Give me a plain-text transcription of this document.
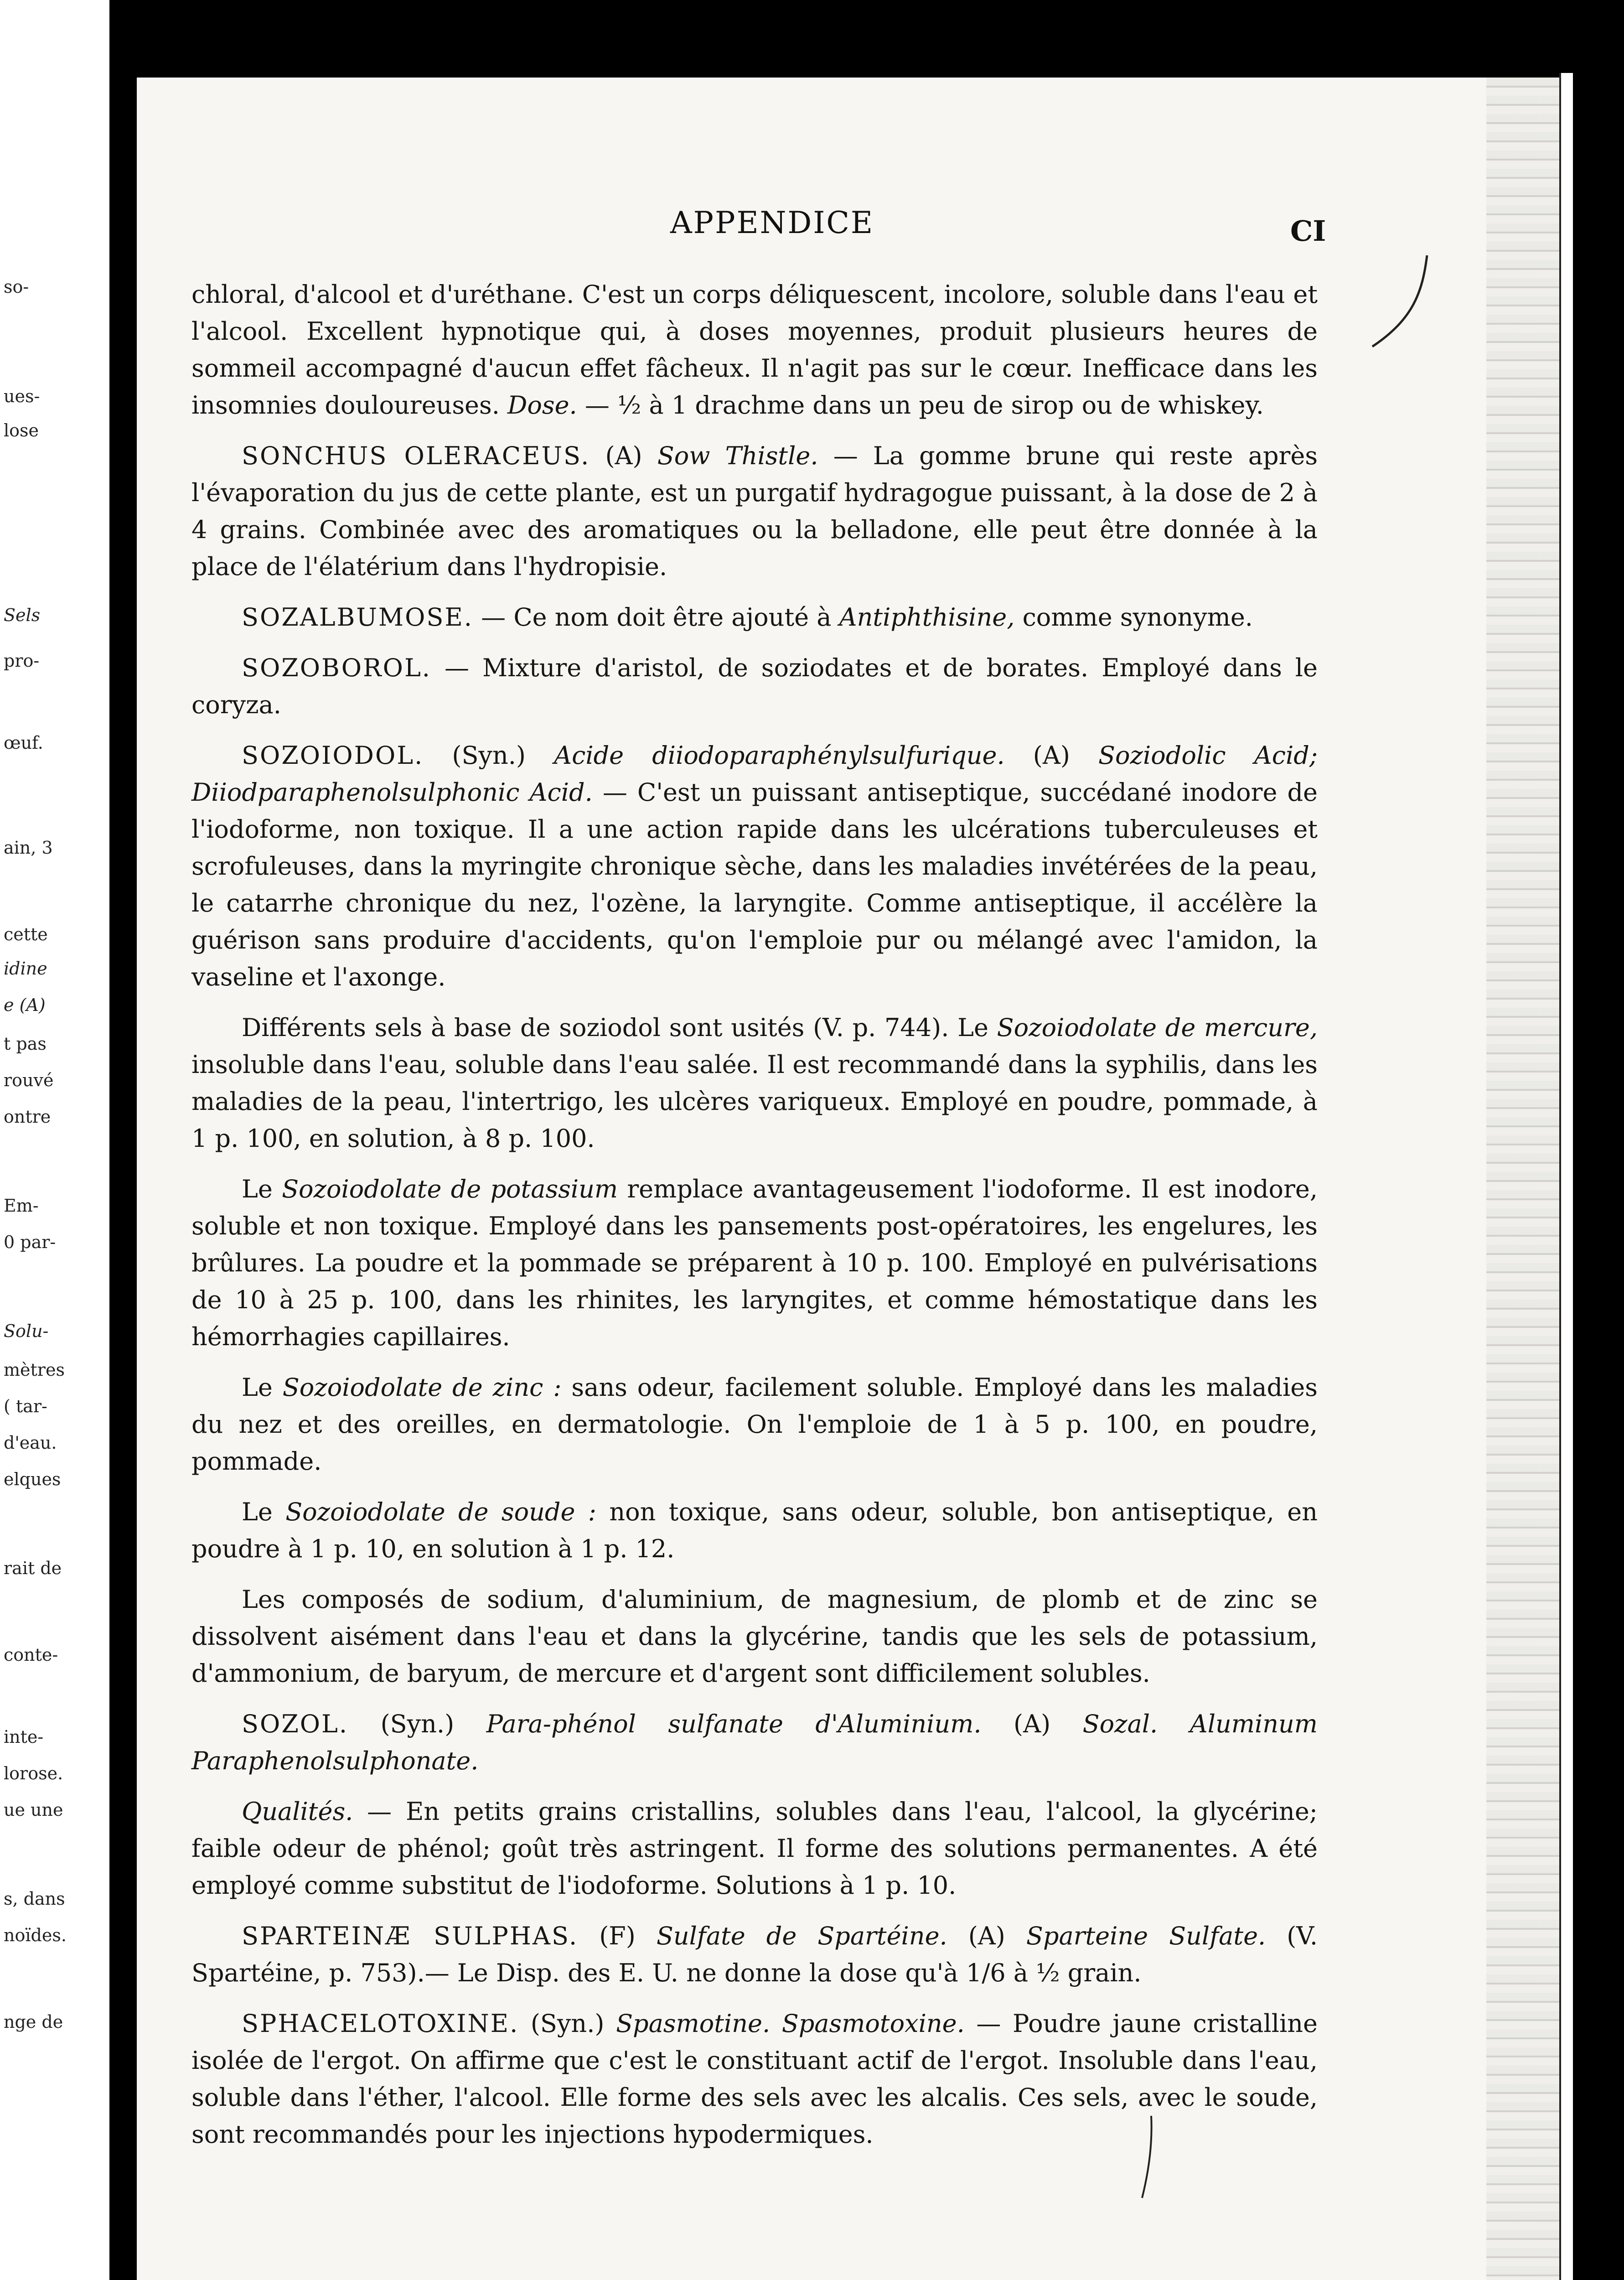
so-
ues-
lose
Sels
pro-
œuf.
ain, 3
cette
idine
e (A)
t pas
rouvé
ontre
Em-
0 par-
Solu-
mètres
( tar-
d'eau.
elques
rait de
conte-
inte-
lorose.
ue une
s, dans
noïdes.
nge de
APPENDICE	CI

chloral, d'alcool et d'uréthane. C'est un corps déliquescent, incolore, soluble dans l'eau et l'alcool. Excellent hypnotique qui, à doses moyennes, produit plusieurs heures de sommeil accompagné d'aucun effet fâcheux. Il n'agit pas sur le cœur. Inefficace dans les insomnies douloureuses. Dose. — ½ à 1 drachme dans un peu de sirop ou de whiskey.

SONCHUS OLERACEUS. (A) Sow Thistle. — La gomme brune qui reste après l'évaporation du jus de cette plante, est un purgatif hydragogue puissant, à la dose de 2 à 4 grains. Combinée avec des aromatiques ou la belladone, elle peut être donnée à la place de l'élatérium dans l'hydropisie.

SOZALBUMOSE. — Ce nom doit être ajouté à Antiphthisine, comme synonyme.

SOZOBOROL. — Mixture d'aristol, de soziodates et de borates. Employé dans le coryza.

SOZOIODOL. (Syn.) Acide diiodoparaphénylsulfurique. (A) Soziodolic Acid; Diiodparaphenolsulphonic Acid. — C'est un puissant antiseptique, succédané inodore de l'iodoforme, non toxique. Il a une action rapide dans les ulcérations tuberculeuses et scrofuleuses, dans la myringite chronique sèche, dans les maladies invétérées de la peau, le catarrhe chronique du nez, l'ozène, la laryngite. Comme antiseptique, il accélère la guérison sans produire d'accidents, qu'on l'emploie pur ou mélangé avec l'amidon, la vaseline et l'axonge.

Différents sels à base de soziodol sont usités (V. p. 744). Le Sozoiodolate de mercure, insoluble dans l'eau, soluble dans l'eau salée. Il est recommandé dans la syphilis, dans les maladies de la peau, l'intertrigo, les ulcères variqueux. Employé en poudre, pommade, à 1 p. 100, en solution, à 8 p. 100.

Le Sozoiodolate de potassium remplace avantageusement l'iodoforme. Il est inodore, soluble et non toxique. Employé dans les pansements post-opératoires, les engelures, les brûlures. La poudre et la pommade se préparent à 10 p. 100. Employé en pulvérisations de 10 à 25 p. 100, dans les rhinites, les laryngites, et comme hémostatique dans les hémorrhagies capillaires.

Le Sozoiodolate de zinc : sans odeur, facilement soluble. Employé dans les maladies du nez et des oreilles, en dermatologie. On l'emploie de 1 à 5 p. 100, en poudre, pommade.

Le Sozoiodolate de soude : non toxique, sans odeur, soluble, bon antiseptique, en poudre à 1 p. 10, en solution à 1 p. 12.

Les composés de sodium, d'aluminium, de magnesium, de plomb et de zinc se dissolvent aisément dans l'eau et dans la glycérine, tandis que les sels de potassium, d'ammonium, de baryum, de mercure et d'argent sont difficilement solubles.

SOZOL. (Syn.) Para-phénol sulfanate d'Aluminium. (A) Sozal. Aluminum Paraphenolsulphonate.

Qualités. — En petits grains cristallins, solubles dans l'eau, l'alcool, la glycérine; faible odeur de phénol; goût très astringent. Il forme des solutions permanentes. A été employé comme substitut de l'iodoforme. Solutions à 1 p. 10.

SPARTEINÆ SULPHAS. (F) Sulfate de Spartéine. (A) Sparteine Sulfate. (V. Spartéine, p. 753).— Le Disp. des E. U. ne donne la dose qu'à 1/6 à ½ grain.

SPHACELOTOXINE. (Syn.) Spasmotine. Spasmotoxine. — Poudre jaune cristalline isolée de l'ergot. On affirme que c'est le constituant actif de l'ergot. Insoluble dans l'eau, soluble dans l'éther, l'alcool. Elle forme des sels avec les alcalis. Ces sels, avec le soude, sont recommandés pour les injections hypodermiques.
